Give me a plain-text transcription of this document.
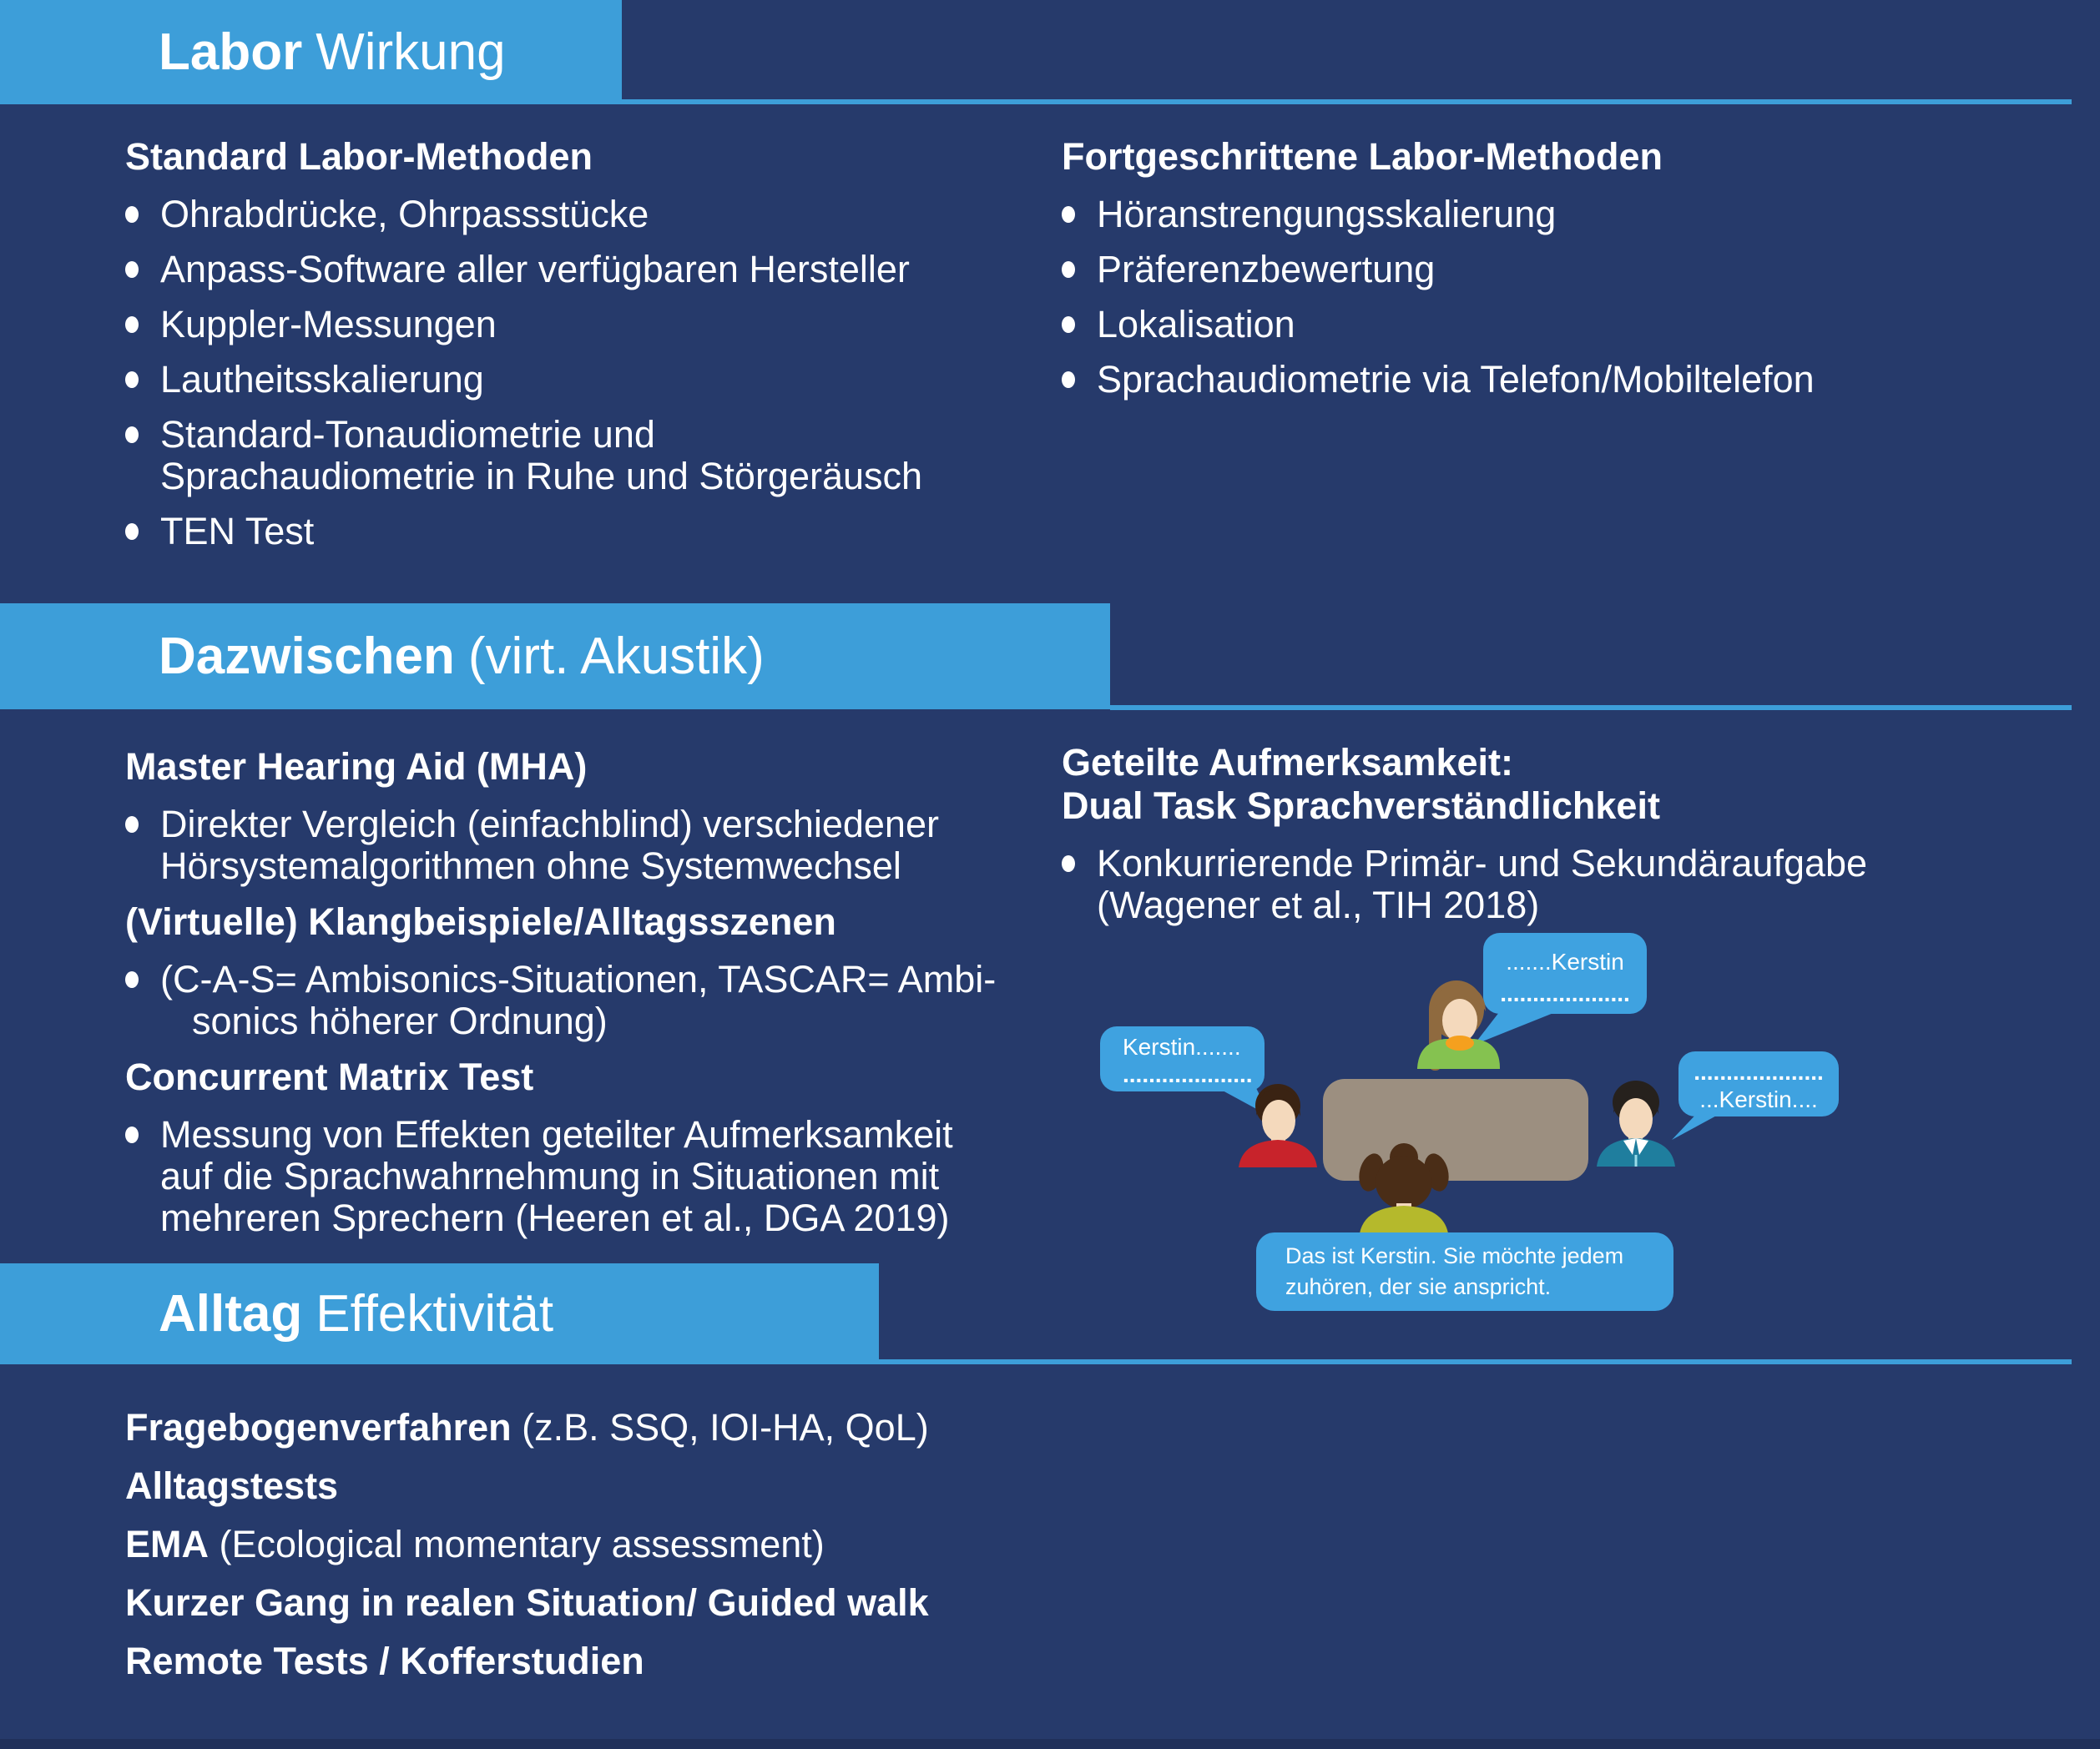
Labor Wirkung
Dazwischen (virt. Akustik)
Alltag Effektivität
Standard Labor-Methoden
Ohrabdrücke, Ohrpassstücke
Anpass-Software aller verfügbaren Hersteller
Kuppler-Messungen
Lautheitsskalierung
Standard-Tonaudiometrie und
Sprachaudiometrie in Ruhe und Störgeräusch
TEN Test
Fortgeschrittene Labor-Methoden
Höranstrengungsskalierung
Präferenzbewertung
Lokalisation
Sprachaudiometrie via Telefon/Mobiltelefon
Master Hearing Aid (MHA)
Direkter Vergleich (einfachblind) verschiedener
Hörsystemalgorithmen ohne Systemwechsel
(Virtuelle) Klangbeispiele/Alltagsszenen
(C-A-S= Ambisonics-Situationen, TASCAR= Ambi-
sonics höherer Ordnung)
Concurrent Matrix Test
Messung von Effekten geteilter Aufmerksamkeit
auf die Sprachwahrnehmung in Situationen mit
mehreren Sprechern (Heeren et al., DGA 2019)
Geteilte Aufmerksamkeit:
Dual Task Sprachverständlichkeit
Konkurrierende Primär- und Sekundäraufgabe
(Wagener et al., TIH 2018)
.......Kerstin
....................
Kerstin.......
....................	....................
...Kerstin....
Das ist Kerstin. Sie möchte jedem
zuhören, der sie anspricht.
Fragebogenverfahren (z.B. SSQ, IOI-HA, QoL)
Alltagstests
EMA (Ecological momentary assessment)
Kurzer Gang in realen Situation/ Guided walk
Remote Tests / Kofferstudien
